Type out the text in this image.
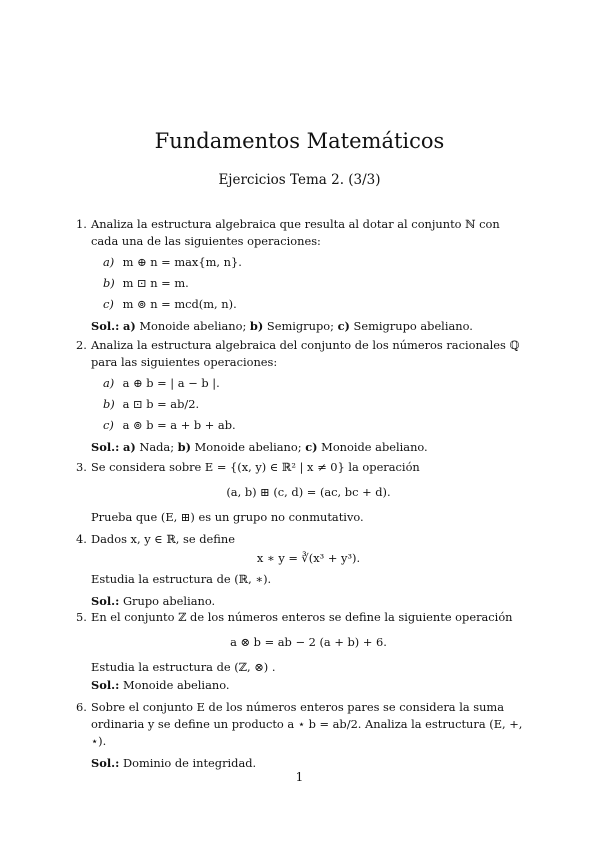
Fundamentos Matemáticos
Ejercicios Tema 2. (3/3)
1. Analiza la estructura algebraica que resulta al dotar al conjunto ℕ con cada una de las siguientes operaciones:
a) m ⊕ n = max{m, n}.
b) m ⊡ n = m.
c) m ⊚ n = mcd(m, n).
Sol.: a) Monoide abeliano; b) Semigrupo; c) Semigrupo abeliano.
2. Analiza la estructura algebraica del conjunto de los números racionales ℚ para las siguientes operaciones:
a) a ⊕ b = | a − b |.
b) a ⊡ b = ab/2.
c) a ⊚ b = a + b + ab.
Sol.: a) Nada; b) Monoide abeliano; c) Monoide abeliano.
3. Se considera sobre E = {(x, y) ∈ ℝ² | x ≠ 0} la operación
(a, b) ⊞ (c, d) = (ac, bc + d).
Prueba que (E, ⊞) es un grupo no conmutativo.
4. Dados x, y ∈ ℝ, se define
x ∗ y = ∛(x³ + y³).
Estudia la estructura de (ℝ, ∗).
Sol.: Grupo abeliano.
5. En el conjunto ℤ de los números enteros se define la siguiente operación
a ⊗ b = ab − 2 (a + b) + 6.
Estudia la estructura de (ℤ, ⊗) .
Sol.: Monoide abeliano.
6. Sobre el conjunto E de los números enteros pares se considera la suma ordinaria y se define un producto a ⋆ b = ab/2. Analiza la estructura (E, +, ⋆).
Sol.: Dominio de integridad.
1
